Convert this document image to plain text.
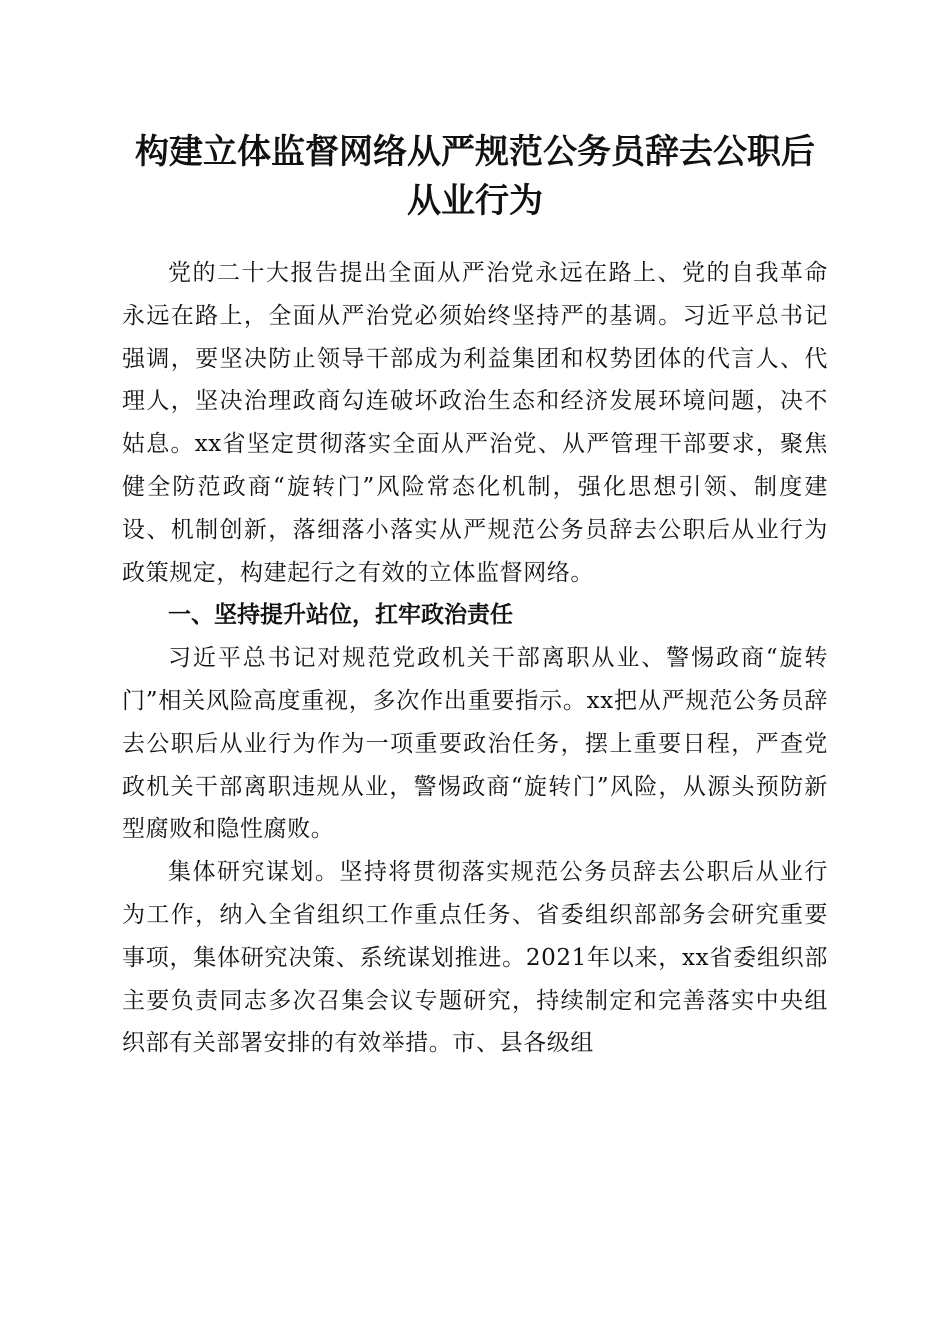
构建立体监督网络从严规范公务员辞去公职后
从业行为

党的二十大报告提出全面从严治党永远在路上、党的自我革命永远在路上，全面从严治党必须始终坚持严的基调。习近平总书记强调，要坚决防止领导干部成为利益集团和权势团体的代言人、代理人，坚决治理政商勾连破坏政治生态和经济发展环境问题，决不姑息。xx省坚定贯彻落实全面从严治党、从严管理干部要求，聚焦健全防范政商“旋转门”风险常态化机制，强化思想引领、制度建设、机制创新，落细落小落实从严规范公务员辞去公职后从业行为政策规定，构建起行之有效的立体监督网络。

一、坚持提升站位，扛牢政治责任

习近平总书记对规范党政机关干部离职从业、警惕政商“旋转门”相关风险高度重视，多次作出重要指示。xx把从严规范公务员辞去公职后从业行为作为一项重要政治任务，摆上重要日程，严查党政机关干部离职违规从业，警惕政商“旋转门”风险，从源头预防新型腐败和隐性腐败。

集体研究谋划。坚持将贯彻落实规范公务员辞去公职后从业行为工作，纳入全省组织工作重点任务、省委组织部部务会研究重要事项，集体研究决策、系统谋划推进。2021年以来，xx省委组织部主要负责同志多次召集会议专题研究，持续制定和完善落实中央组织部有关部署安排的有效举措。市、县各级组
